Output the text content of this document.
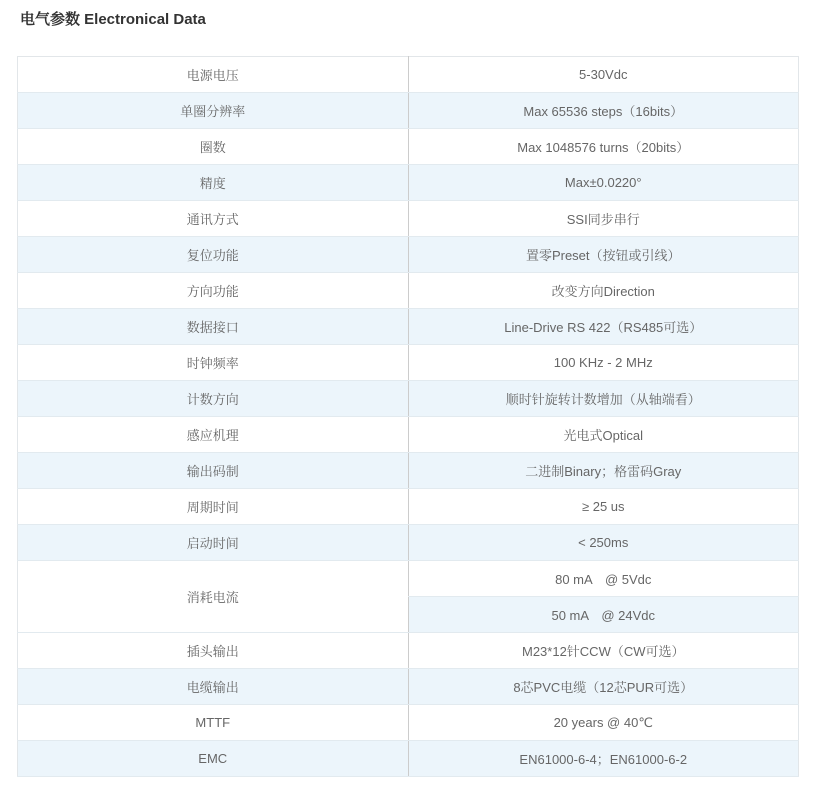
电气参数 Electronical Data
电源电压	5-30Vdc
单圈分辨率	Max 65536 steps（16bits）
圈数	Max 1048576 turns（20bits）
精度	Max±0.0220°
通讯方式	SSI同步串行
复位功能	置零Preset（按钮或引线）
方向功能	改变方向Direction
数据接口	Line-Drive RS 422（RS485可选）
时钟频率	100 KHz - 2 MHz
计数方向	顺时针旋转计数增加（从轴端看）
感应机理	光电式Optical
输出码制	二进制Binary；格雷码Gray
周期时间	≥ 25 us
启动时间	< 250ms
消耗电流	80 mA　@ 5Vdc
	50 mA　@ 24Vdc
插头输出	M23*12针CCW（CW可选）
电缆输出	8芯PVC电缆（12芯PUR可选）
MTTF	20 years @ 40℃
EMC	EN61000-6-4；EN61000-6-2
